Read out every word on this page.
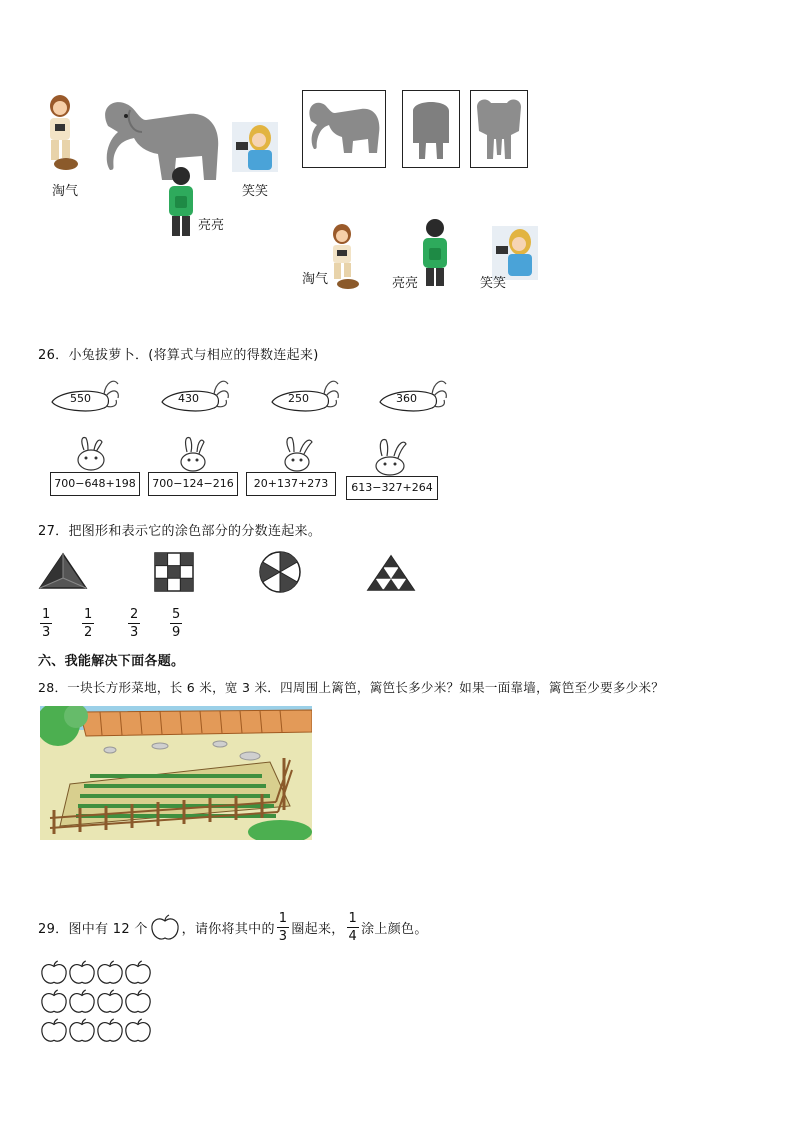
淘气
亮亮
笑笑
淘气	亮亮	笑笑
26．小兔拔萝卜．(将算式与相应的得数连起来)
550	430	250	360
700−648+198	700−124−216	20+137+273	613−327+264
27．把图形和表示它的涂色部分的分数连起来。
$\frac{1}{3} \frac{1}{2}$	$\frac{2}{3} \frac{5}{9}$
六、我能解决下面各题。
28．一块长方形菜地，长 6 米，宽 3 米．四周围上篱笆，篱笆长多少米？如果一面靠墙，篱笆至少要多少米？
29．图中有 12 个	，请你将其中的 $\frac{1}{3}$ 圈起来， $\frac{1}{4}$ 涂上颜色。
